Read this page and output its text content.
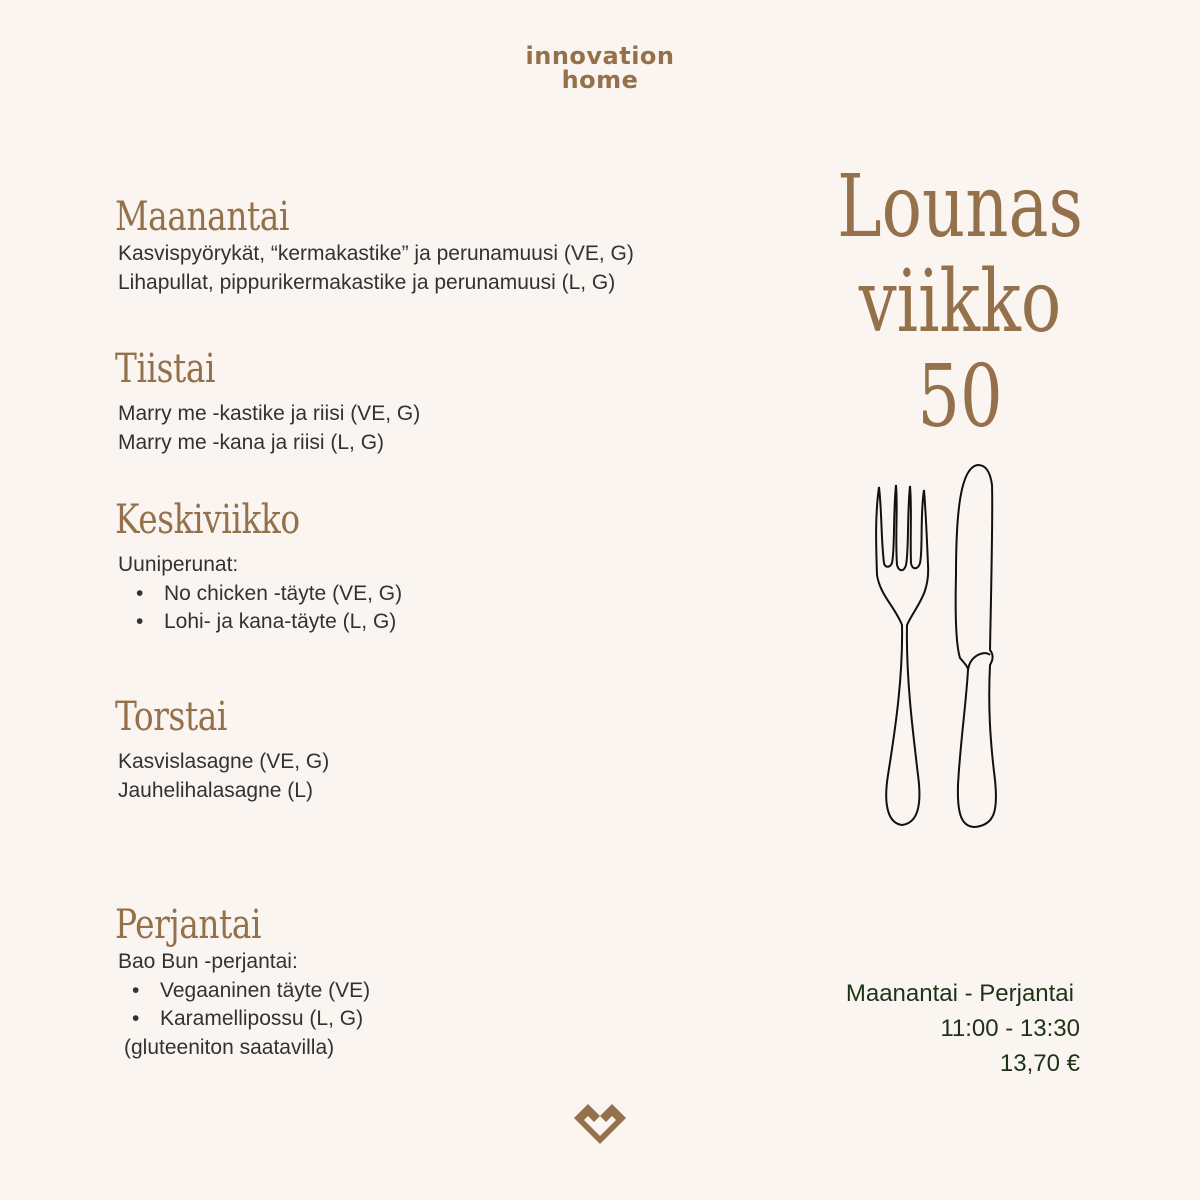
innovation
home
Maanantai
Kasvispyörykät, “kermakastike” ja perunamuusi (VE, G)
Lihapullat, pippurikermakastike ja perunamuusi (L, G)
Tiistai
Marry me -kastike ja riisi (VE, G)
Marry me -kana ja riisi (L, G)
Keskiviikko
Uuniperunat:
• No chicken -täyte (VE, G)
• Lohi- ja kana-täyte (L, G)
Torstai
Kasvislasagne (VE, G)
Jauhelihalasagne (L)
Perjantai
Bao Bun -perjantai:
• Vegaaninen täyte (VE)
• Karamellipossu (L, G)
(gluteeniton saatavilla)
Lounas
viikko 50
Maanantai - Perjantai
11:00 - 13:30
13,70 €
